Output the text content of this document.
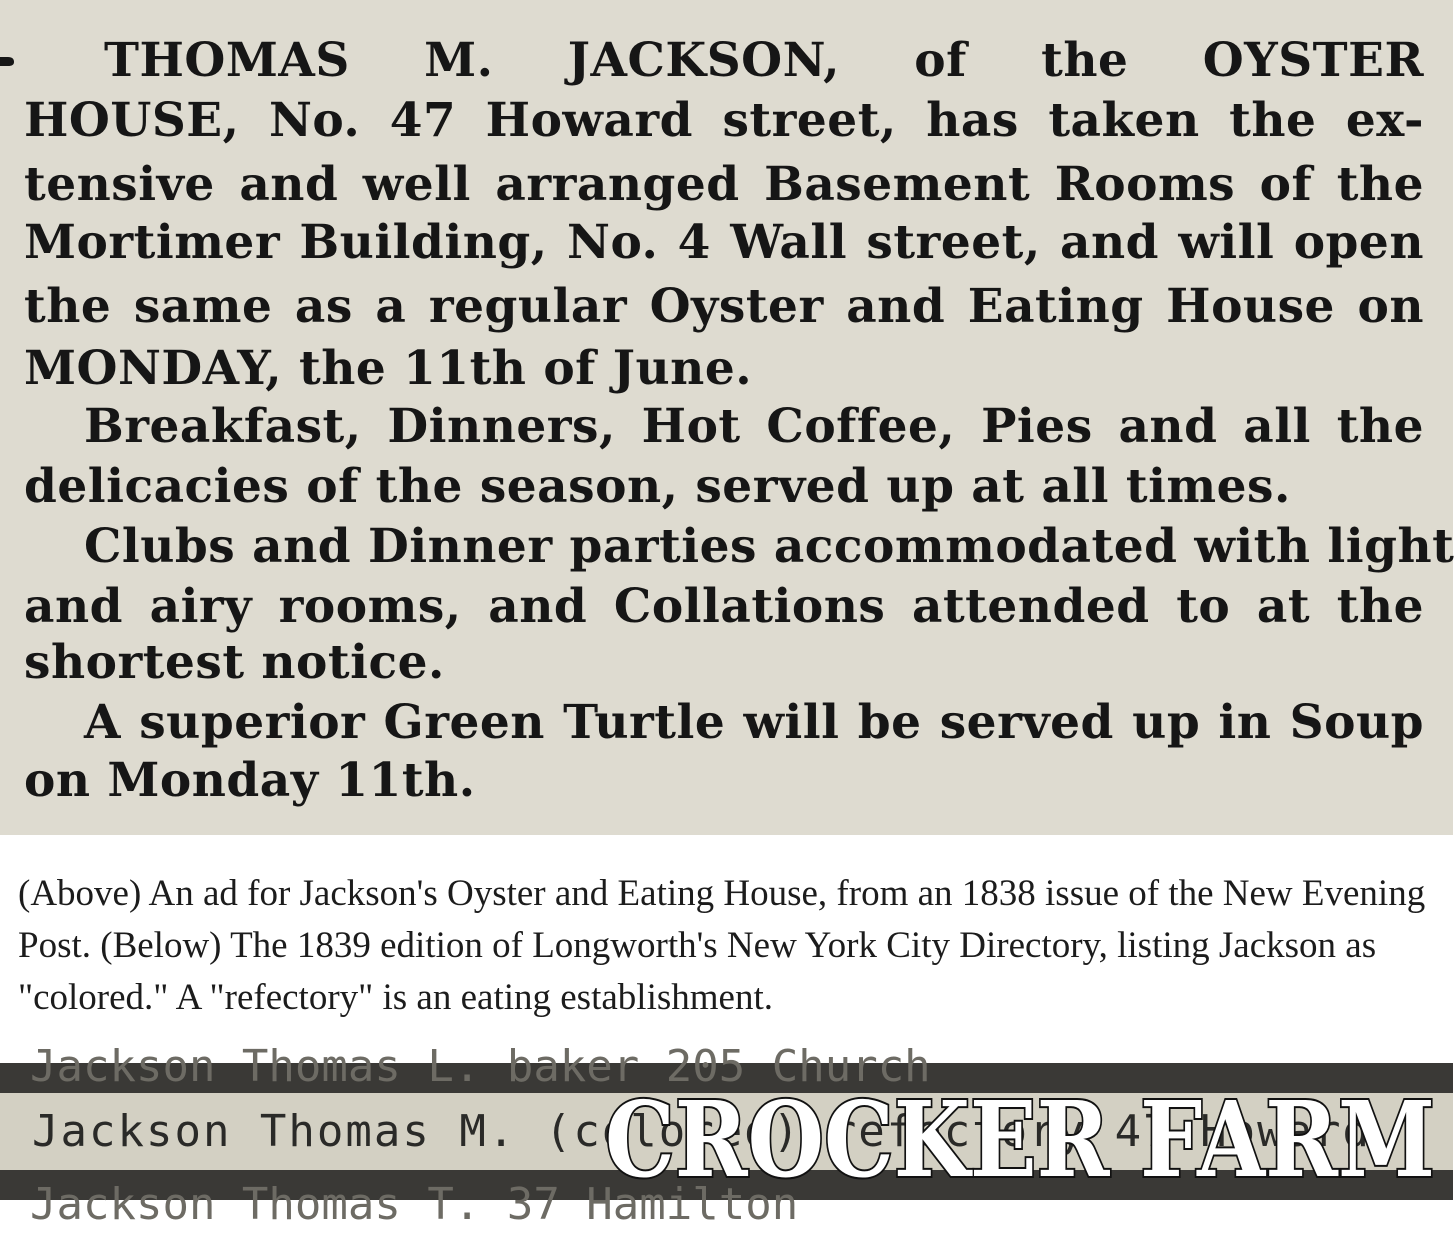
THOMAS M. JACKSON, of the OYSTER
HOUSE, No. 47 Howard street, has taken the ex-
tensive and well arranged Basement Rooms of the
Mortimer Building, No. 4 Wall street, and will open
the same as a regular Oyster and Eating House on
MONDAY, the 11th of June.
Breakfast, Dinners, Hot Coffee, Pies and all the
delicacies of the season, served up at all times.
Clubs and Dinner parties accommodated with light
and airy rooms, and Collations attended to at the
shortest notice.
A superior Green Turtle will be served up in Soup
on Monday 11th.
(Above) An ad for Jackson's Oyster and Eating House, from an 1838 issue of the New Evening Post. (Below) The 1839 edition of Longworth's New York City Directory, listing Jackson as "colored." A "refectory" is an eating establishment.
Jackson Thomas L. baker 205 Church
Jackson Thomas M. (colored) refectory 47 Howard
Jackson Thomas T. 37 Hamilton
CROCKER FARM
